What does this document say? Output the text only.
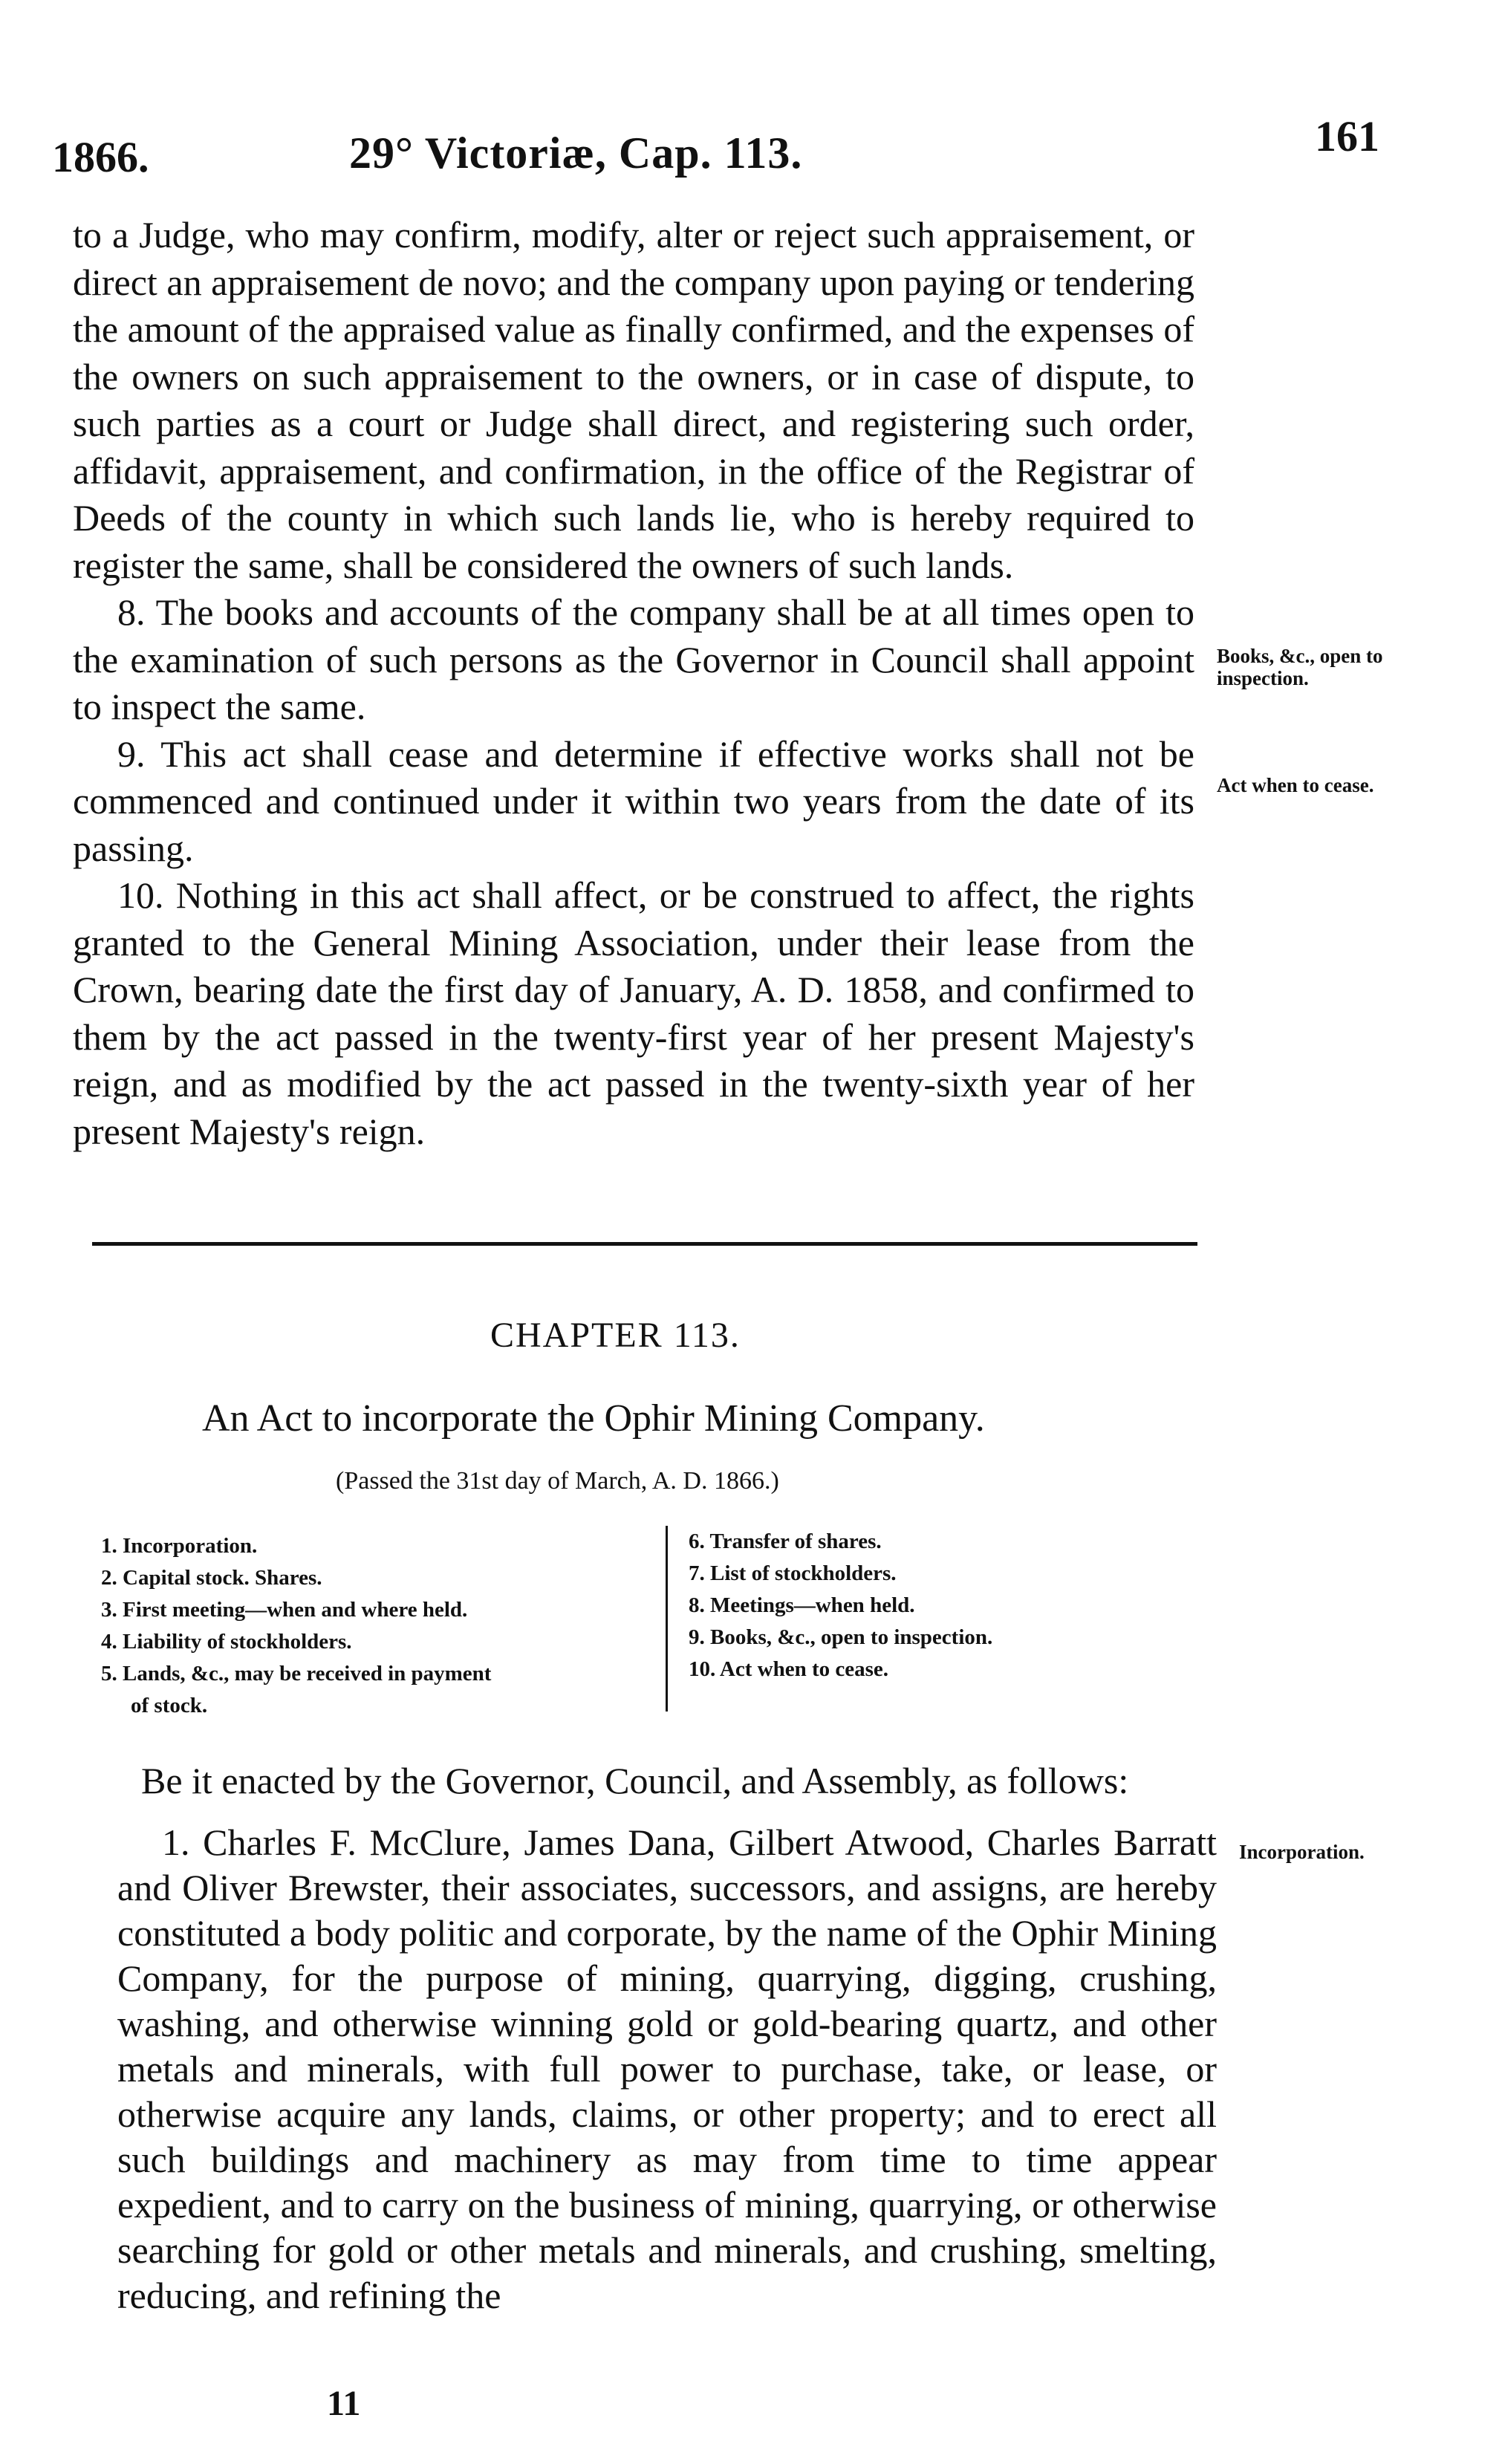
1866.	29° Victoriæ, Cap. 113.	161

to a Judge, who may confirm, modify, alter or reject such appraisement, or direct an appraisement de novo; and the company upon paying or tendering the amount of the appraised value as finally confirmed, and the expenses of the owners on such appraisement to the owners, or in case of dispute, to such parties as a court or Judge shall direct, and registering such order, affidavit, appraisement, and confirmation, in the office of the Registrar of Deeds of the county in which such lands lie, who is hereby required to register the same, shall be considered the owners of such lands.

8. The books and accounts of the company shall be at all times open to the examination of such persons as the Governor in Council shall appoint to inspect the same.

9. This act shall cease and determine if effective works shall not be commenced and continued under it within two years from the date of its passing.

10. Nothing in this act shall affect, or be construed to affect, the rights granted to the General Mining Association, under their lease from the Crown, bearing date the first day of January, A. D. 1858, and confirmed to them by the act passed in the twenty-first year of her present Majesty's reign, and as modified by the act passed in the twenty-sixth year of her present Majesty's reign.

Books, &c., open to inspection.
Act when to cease.
CHAPTER 113.
An Act to incorporate the Ophir Mining Company.
(Passed the 31st day of March, A. D. 1866.)
1. Incorporation.
2. Capital stock. Shares.
3. First meeting—when and where held.
4. Liability of stockholders.
5. Lands, &c., may be received in payment
of stock.
6. Transfer of shares.
7. List of stockholders.
8. Meetings—when held.
9. Books, &c., open to inspection.
10. Act when to cease.
Be it enacted by the Governor, Council, and Assembly, as follows:
Incorporation.

1. Charles F. McClure, James Dana, Gilbert Atwood, Charles Barratt and Oliver Brewster, their associates, successors, and assigns, are hereby constituted a body politic and corporate, by the name of the Ophir Mining Company, for the purpose of mining, quarrying, digging, crushing, washing, and otherwise winning gold or gold-bearing quartz, and other metals and minerals, with full power to purchase, take, or lease, or otherwise acquire any lands, claims, or other property; and to erect all such buildings and machinery as may from time to time appear expedient, and to carry on the business of mining, quarrying, or otherwise searching for gold or other metals and minerals, and crushing, smelting, reducing, and refining the

11
